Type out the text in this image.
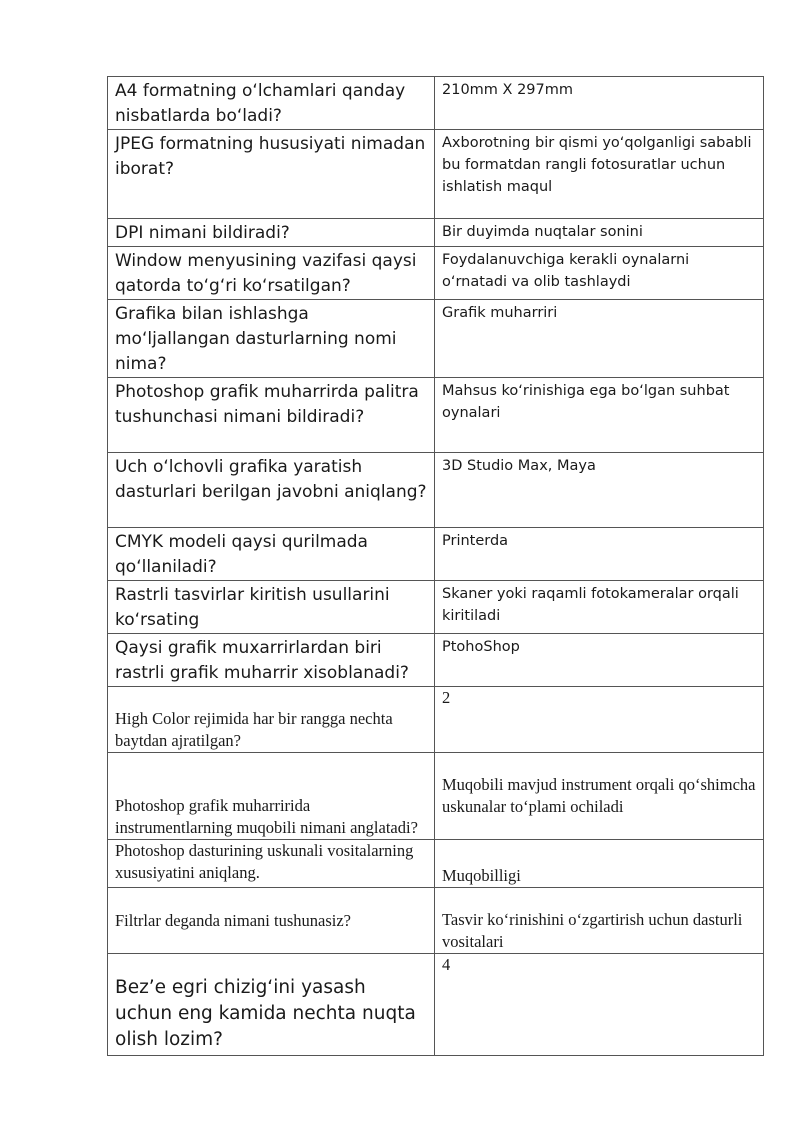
A4 formatning o‘lchamlari qanday nisbatlarda bo‘ladi?	210mm X 297mm
JPEG formatning hususiyati nimadan iborat?	Axborotning bir qismi yo‘qolganligi sababli bu formatdan rangli fotosuratlar uchun ishlatish maqul
DPI nimani bildiradi?	Bir duyimda nuqtalar sonini
Window menyusining vazifasi qaysi qatorda to‘g‘ri ko‘rsatilgan?	Foydalanuvchiga kerakli oynalarni o‘rnatadi va olib tashlaydi
Grafika bilan ishlashga mo‘ljallangan dasturlarning nomi nima?	Grafik muharriri
Photoshop grafik muharrirda palitra tushunchasi nimani bildiradi?	Mahsus ko‘rinishiga ega bo‘lgan suhbat oynalari
Uch o‘lchovli grafika yaratish dasturlari berilgan javobni aniqlang?	3D Studio Max, Maya
CMYK modeli qaysi qurilmada qo‘llaniladi?	Printerda
Rastrli tasvirlar kiritish usullarini ko‘rsating	Skaner yoki raqamli fotokameralar orqali kiritiladi
Qaysi grafik muxarrirlardan biri rastrli grafik muharrir xisoblanadi?	PtohoShop
High Color rejimida har bir rangga nechta baytdan ajratilgan?	2
Photoshop grafik muharririda instrumentlarning muqobili nimani anglatadi?	Muqobili mavjud instrument orqali qo‘shimcha uskunalar to‘plami ochiladi
Photoshop dasturining uskunali vositalarning xususiyatini aniqlang.	Muqobilligi
Filtrlar deganda nimani tushunasiz?	Tasvir ko‘rinishini o‘zgartirish uchun dasturli vositalari
Bez’e egri chizig‘ini yasash uchun eng kamida nechta nuqta olish lozim?	4
